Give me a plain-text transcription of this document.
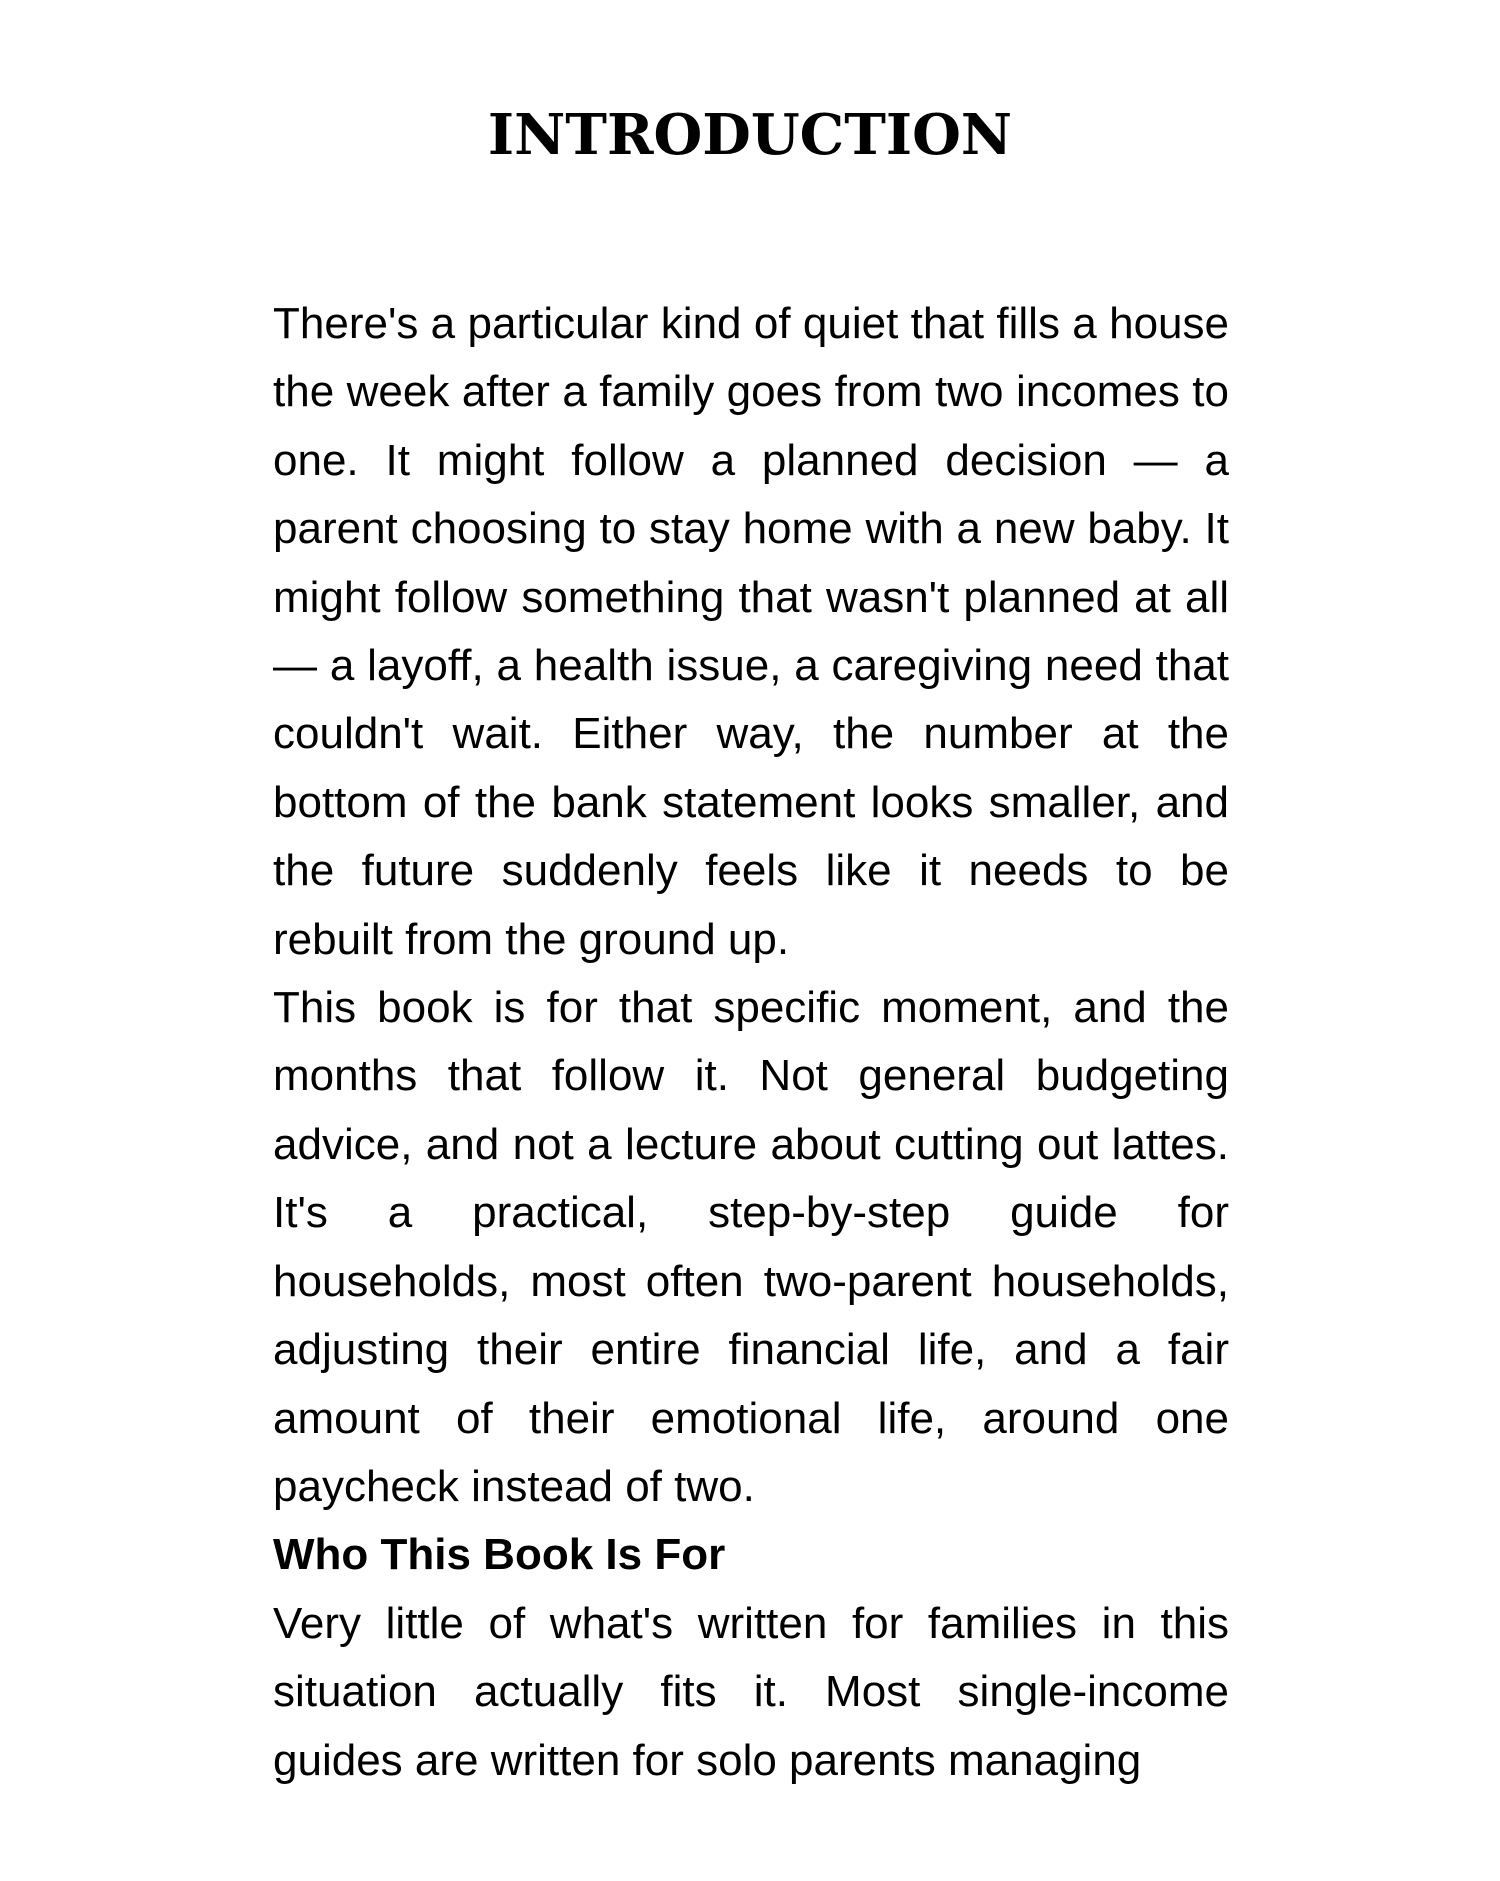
INTRODUCTION

There's a particular kind of quiet that fills a house the week after a family goes from two incomes to one. It might follow a planned decision — a parent choosing to stay home with a new baby. It might follow something that wasn't planned at all — a layoff, a health issue, a caregiving need that couldn't wait. Either way, the number at the bottom of the bank statement looks smaller, and the future suddenly feels like it needs to be rebuilt from the ground up.

This book is for that specific moment, and the months that follow it. Not general budgeting advice, and not a lecture about cutting out lattes. It's a practical, step-by-step guide for households, most often two-parent households, adjusting their entire financial life, and a fair amount of their emotional life, around one paycheck instead of two.

Who This Book Is For

Very little of what's written for families in this situation actually fits it. Most single-income guides are written for solo parents managing
